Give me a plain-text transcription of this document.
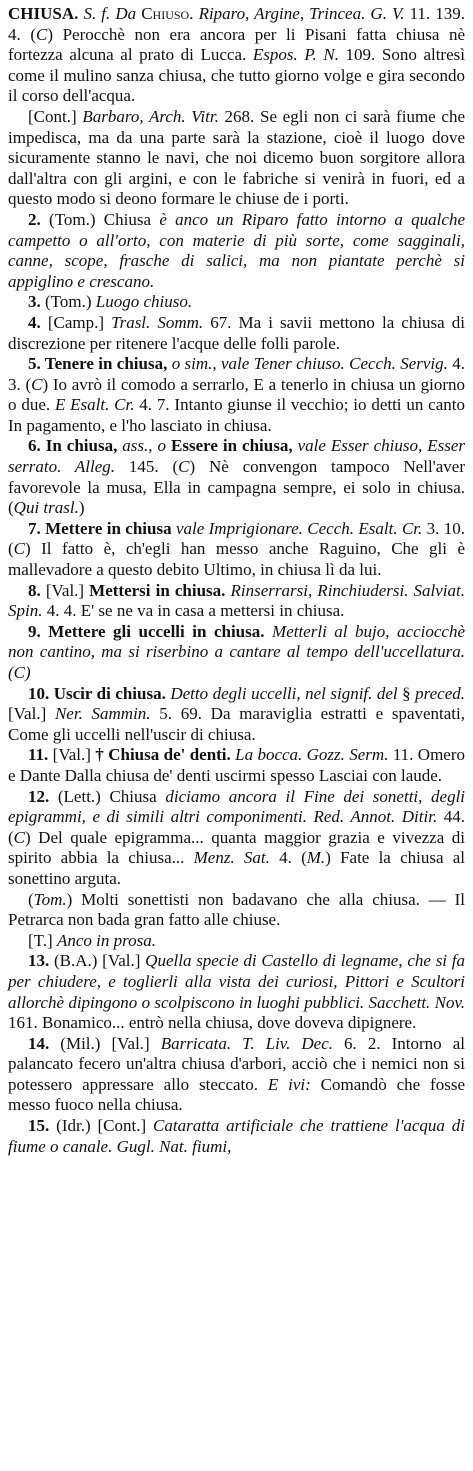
CHIUSA. S. f. Da Chiuso. Riparo, Argine, Trincea. G. V. 11. 139. 4. (C) Perocchè non era ancora per li Pisani fatta chiusa nè fortezza alcuna al prato di Lucca. Espos. P. N. 109. Sono altresì come il mulino sanza chiusa, che tutto giorno volge e gira secondo il corso dell'acqua.

[Cont.] Barbaro, Arch. Vitr. 268. Se egli non ci sarà fiume che impedisca, ma da una parte sarà la stazione, cioè il luogo dove sicuramente stanno le navi, che noi dicemo buon sorgitore allora dall'altra con gli argini, e con le fabriche si venirà in fuori, ed a questo modo si deono formare le chiuse de i porti.

2. (Tom.) Chiusa è anco un Riparo fatto intorno a qualche campetto o all'orto, con materie di più sorte, come sagginali, canne, scope, frasche di salici, ma non piantate perchè si appiglino e crescano.

3. (Tom.) Luogo chiuso.

4. [Camp.] Trasl. Somm. 67. Ma i savii mettono la chiusa di discrezione per ritenere l'acque delle folli parole.

5. Tenere in chiusa, o sim., vale Tener chiuso. Cecch. Servig. 4. 3. (C) Io avrò il comodo a serrarlo, E a tenerlo in chiusa un giorno o due. E Esalt. Cr. 4. 7. Intanto giunse il vecchio; io detti un canto In pagamento, e l'ho lasciato in chiusa.

6. In chiusa, ass., o Essere in chiusa, vale Esser chiuso, Esser serrato. Alleg. 145. (C) Nè convengon tampoco Nell'aver favorevole la musa, Ella in campagna sempre, ei solo in chiusa. (Qui trasl.)

7. Mettere in chiusa vale Imprigionare. Cecch. Esalt. Cr. 3. 10. (C) Il fatto è, ch'egli han messo anche Raguino, Che gli è mallevadore a questo debito Ultimo, in chiusa lì da lui.

8. [Val.] Mettersi in chiusa. Rinserrarsi, Rinchiudersi. Salviat. Spin. 4. 4. E' se ne va in casa a mettersi in chiusa.

9. Mettere gli uccelli in chiusa. Metterli al bujo, acciocchè non cantino, ma si riserbino a cantare al tempo dell'uccellatura. (C)

10. Uscir di chiusa. Detto degli uccelli, nel signif. del § preced. [Val.] Ner. Sammin. 5. 69. Da maraviglia estratti e spaventati, Come gli uccelli nell'uscir di chiusa.

11. [Val.] † Chiusa de' denti. La bocca. Gozz. Serm. 11. Omero e Dante Dalla chiusa de' denti uscirmi spesso Lasciai con laude.

12. (Lett.) Chiusa diciamo ancora il Fine dei sonetti, degli epigrammi, e di simili altri componimenti. Red. Annot. Ditir. 44. (C) Del quale epigramma... quanta maggior grazia e vivezza di spirito abbia la chiusa... Menz. Sat. 4. (M.) Fate la chiusa al sonettino arguta.

(Tom.) Molti sonettisti non badavano che alla chiusa. — Il Petrarca non bada gran fatto alle chiuse.

[T.] Anco in prosa.

13. (B.A.) [Val.] Quella specie di Castello di legname, che si fa per chiudere, e toglierli alla vista dei curiosi, Pittori e Scultori allorchè dipingono o scolpiscono in luoghi pubblici. Sacchett. Nov. 161. Bonamico... entrò nella chiusa, dove doveva dipignere.

14. (Mil.) [Val.] Barricata. T. Liv. Dec. 6. 2. Intorno al palancato fecero un'altra chiusa d'arbori, acciò che i nemici non si potessero appressare allo steccato. E ivi: Comandò che fosse messo fuoco nella chiusa.

15. (Idr.) [Cont.] Cataratta artificiale che trattiene l'acqua di fiume o canale. Gugl. Nat. fiumi,
